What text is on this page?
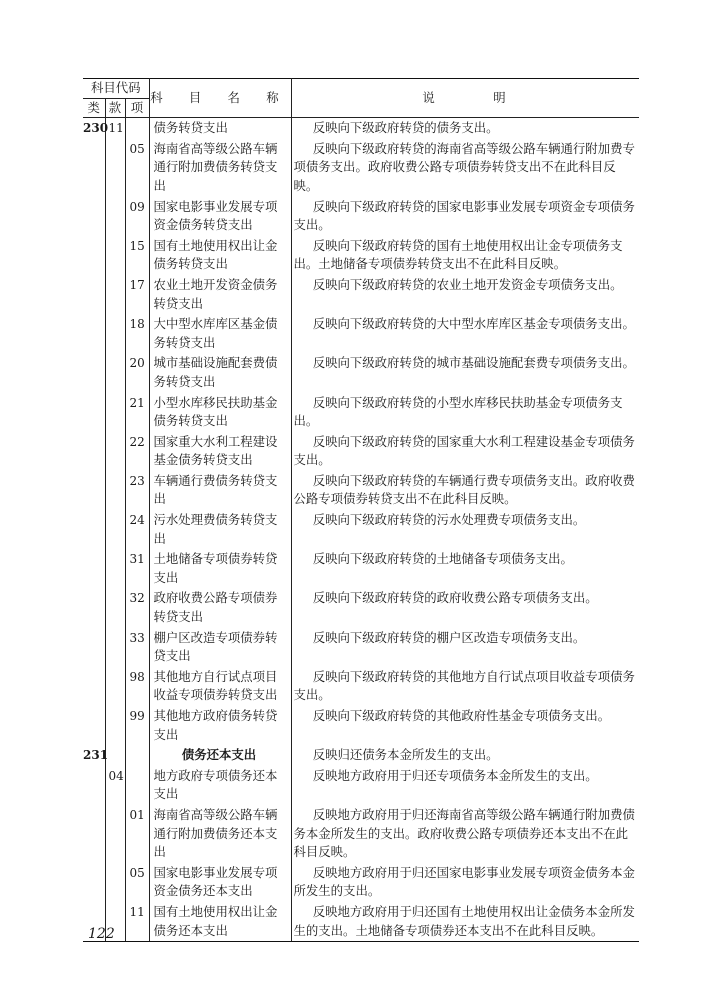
科目代码			科 目 名 称	说 明
类	款	项		
230	11		债务转贷支出	反映向下级政府转贷的债务支出。
		05	海南省高等级公路车辆通行附加费债务转贷支出	反映向下级政府转贷的海南省高等级公路车辆通行附加费专项债务支出。政府收费公路专项债券转贷支出不在此科目反映。
		09	国家电影事业发展专项资金债务转贷支出	反映向下级政府转贷的国家电影事业发展专项资金专项债务支出。
		15	国有土地使用权出让金债务转贷支出	反映向下级政府转贷的国有土地使用权出让金专项债务支出。土地储备专项债券转贷支出不在此科目反映。
		17	农业土地开发资金债务转贷支出	反映向下级政府转贷的农业土地开发资金专项债务支出。
		18	大中型水库库区基金债务转贷支出	反映向下级政府转贷的大中型水库库区基金专项债务支出。
		20	城市基础设施配套费债务转贷支出	反映向下级政府转贷的城市基础设施配套费专项债务支出。
		21	小型水库移民扶助基金债务转贷支出	反映向下级政府转贷的小型水库移民扶助基金专项债务支出。
		22	国家重大水利工程建设基金债务转贷支出	反映向下级政府转贷的国家重大水利工程建设基金专项债务支出。
		23	车辆通行费债务转贷支出	反映向下级政府转贷的车辆通行费专项债务支出。政府收费公路专项债券转贷支出不在此科目反映。
		24	污水处理费债务转贷支出	反映向下级政府转贷的污水处理费专项债务支出。
		31	土地储备专项债券转贷支出	反映向下级政府转贷的土地储备专项债务支出。
		32	政府收费公路专项债券转贷支出	反映向下级政府转贷的政府收费公路专项债务支出。
		33	棚户区改造专项债券转贷支出	反映向下级政府转贷的棚户区改造专项债务支出。
		98	其他地方自行试点项目收益专项债券转贷支出	反映向下级政府转贷的其他地方自行试点项目收益专项债务支出。
		99	其他地方政府债务转贷支出	反映向下级政府转贷的其他政府性基金专项债务支出。
231			债务还本支出	反映归还债务本金所发生的支出。
	04		地方政府专项债务还本支出	反映地方政府用于归还专项债务本金所发生的支出。
		01	海南省高等级公路车辆通行附加费债务还本支出	反映地方政府用于归还海南省高等级公路车辆通行附加费债务本金所发生的支出。政府收费公路专项债券还本支出不在此科目反映。
		05	国家电影事业发展专项资金债务还本支出	反映地方政府用于归还国家电影事业发展专项资金债务本金所发生的支出。
		11	国有土地使用权出让金债务还本支出	反映地方政府用于归还国有土地使用权出让金债务本金所发生的支出。土地储备专项债券还本支出不在此科目反映。
122
